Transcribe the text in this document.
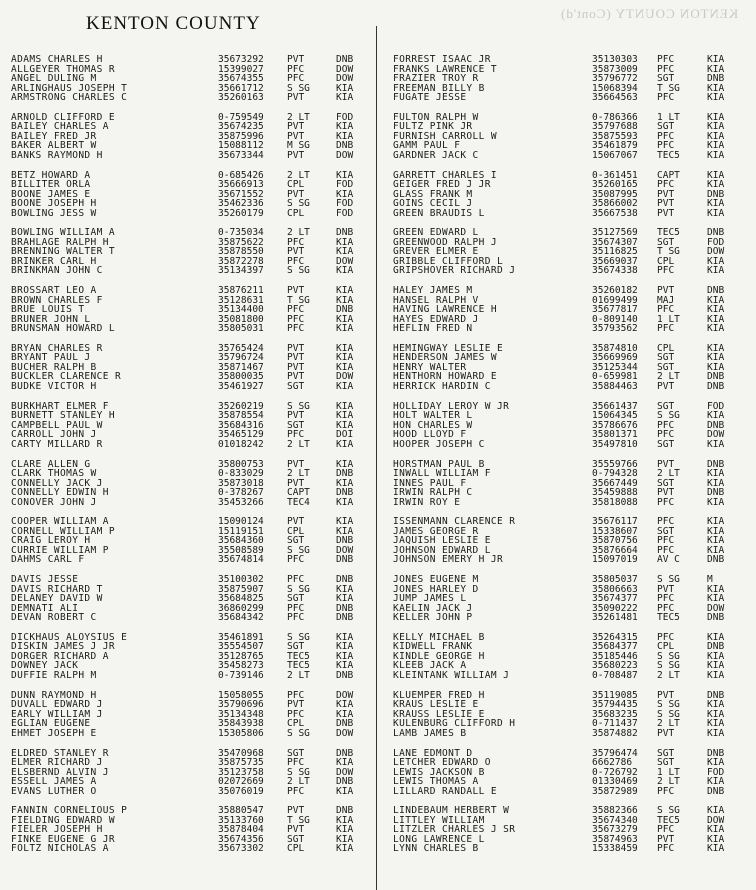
KENTON COUNTY (Cont'd)
KENTON COUNTY
ADAMS CHARLES H	35673292 PVT	DNB
ALLGEYER THOMAS R	15399027 PFC	DOW
ANGEL DULING M	35674355 PFC	DOW
ARLINGHAUS JOSEPH T	35661712 S SG	KIA
ARMSTRONG CHARLES C	35260163 PVT	KIA
ARNOLD CLIFFORD E	0-759549 2 LT	FOD
BAILEY CHARLES A	35674235 PVT	KIA
BAILEY FRED JR	35875996 PVT	KIA
BAKER ALBERT W	15088112 M SG	DNB
BANKS RAYMOND H	35673344 PVT	DOW
BETZ HOWARD A	0-685426 2 LT	KIA
BILLITER ORLA	35666913 CPL	FOD
BOONE JAMES E	35671552 PVT	KIA
BOONE JOSEPH H	35462336 S SG	FOD
BOWLING JESS W	35260179 CPL	FOD
BOWLING WILLIAM A	0-735034 2 LT	DNB
BRAHLAGE RALPH H	35875622 PFC	KIA
BRENNING WALTER T	35878550 PVT	KIA
BRINKER CARL H	35872278 PFC	DOW
BRINKMAN JOHN C	35134397 S SG	KIA
BROSSART LEO A	35876211 PVT	KIA
BROWN CHARLES F	35128631 T SG	KIA
BRUE LOUIS T	35134400 PFC	DNB
BRUNER JOHN L	35081800 PFC	KIA
BRUNSMAN HOWARD L	35805031 PFC	KIA
BRYAN CHARLES R	35765424 PVT	KIA
BRYANT PAUL J	35796724 PVT	KIA
BUCHER RALPH B	35871467 PVT	KIA
BUCKLER CLARENCE R	35800035 PVT	DOW
BUDKE VICTOR H	35461927 SGT	KIA
BURKHART ELMER F	35260219 S SG	KIA
BURNETT STANLEY H	35878554 PVT	KIA
CAMPBELL PAUL W	35684316 SGT	KIA
CARROLL JOHN J	35465129 PFC	DOI
CARTY MILLARD R	01018242 2 LT	KIA
CLARE ALLEN G	35800753 PVT	KIA
CLARK THOMAS W	0-833029 2 LT	DNB
CONNELLY JACK J	35873018 PVT	KIA
CONNELLY EDWIN H	0-378267 CAPT	DNB
CONOVER JOHN J	35453266 TEC4	KIA
COOPER WILLIAM A	15090124 PVT	KIA
CORNELL WILLIAM P	15119151 CPL	KIA
CRAIG LEROY H	35684360 SGT	DNB
CURRIE WILLIAM P	35508589 S SG	DOW
DAHMS CARL F	35674814 PFC	DNB
DAVIS JESSE	35100302 PFC	DNB
DAVIS RICHARD T	35875907 S SG	KIA
DELANEY DAVID W	35684825 SGT	KIA
DEMNATI ALI	36860299 PFC	DNB
DEVAN ROBERT C	35684342 PFC	DNB
DICKHAUS ALOYSIUS E	35461891 S SG	KIA
DISKIN JAMES J JR	35554507 SGT	KIA
DORGER RICHARD A	35128765 TEC5	KIA
DOWNEY JACK	35458273 TEC5	KIA
DUFFIE RALPH M	0-739146 2 LT	DNB
DUNN RAYMOND H	15058055 PFC	DOW
DUVALL EDWARD J	35790696 PVT	KIA
EARLY WILLIAM J	35134348 PFC	KIA
EGLIAN EUGENE	35843938 CPL	DNB
EHMET JOSEPH E	15305806 S SG	DOW
ELDRED STANLEY R	35470968 SGT	DNB
ELMER RICHARD J	35875735 PFC	KIA
ELSBERND ALVIN J	35123758 S SG	DOW
ESSELL JAMES A	02072669 2 LT	DNB
EVANS LUTHER O	35076019 PFC	KIA
FANNIN CORNELIOUS P	35880547 PVT	DNB
FIELDING EDWARD W	35133760 T SG	KIA
FIELER JOSEPH H	35878404 PVT	KIA
FINKE EUGENE G JR	35674356 SGT	KIA
FOLTZ NICHOLAS A	35673302 CPL	KIA
FORREST ISAAC JR	35130303 PFC	KIA
FRANKS LAWRENCE T	35873009 PFC	KIA
FRAZIER TROY R	35796772 SGT	DNB
FREEMAN BILLY B	15068394 T SG	KIA
FUGATE JESSE	35664563 PFC	KIA
FULTON RALPH W	0-786366 1 LT	KIA
FULTZ PINK JR	35797688 SGT	KIA
FURNISH CARROLL W	35875593 PFC	KIA
GAMM PAUL F	35461879 PFC	KIA
GARDNER JACK C	15067067 TEC5	KIA
GARRETT CHARLES I	0-361451 CAPT	KIA
GEIGER FRED J JR	35260165 PFC	KIA
GLASS FRANK M	35087995 PVT	DNB
GOINS CECIL J	35866002 PVT	KIA
GREEN BRAUDIS L	35667538 PVT	KIA
GREEN EDWARD L	35127569 TEC5	DNB
GREENWOOD RALPH J	35674307 SGT	FOD
GREVER ELMER E	35116825 T SG	DOW
GRIBBLE CLIFFORD L	35669037 CPL	KIA
GRIPSHOVER RICHARD J	35674338 PFC	KIA
HALEY JAMES M	35260182 PVT	DNB
HANSEL RALPH V	01699499 MAJ	KIA
HAVING LAWRENCE H	35677817 PFC	KIA
HAYES EDWARD J	0-809140 1 LT	KIA
HEFLIN FRED N	35793562 PFC	KIA
HEMINGWAY LESLIE E	35874810 CPL	KIA
HENDERSON JAMES W	35669969 SGT	KIA
HENRY WALTER	35125344 SGT	KIA
HENTHORN HOWARD E	0-659981 2 LT	DNB
HERRICK HARDIN C	35884463 PVT	DNB
HOLLIDAY LEROY W JR	35661437 SGT	FOD
HOLT WALTER L	15064345 S SG	KIA
HON CHARLES W	35786676 PFC	DNB
HOOD LLOYD F	35801371 PFC	DOW
HOOPER JOSEPH C	35497810 SGT	KIA
HORSTMAN PAUL B	35559766 PVT	DNB
INWALL WILLIAM F	0-794328 2 LT	KIA
INNES PAUL F	35667449 SGT	KIA
IRWIN RALPH C	35459888 PVT	DNB
IRWIN ROY E	35818088 PFC	KIA
ISSENMANN CLARENCE R	35676117 PFC	KIA
JAMES GEORGE R	15338607 SGT	KIA
JAQUISH LESLIE E	35870756 PFC	KIA
JOHNSON EDWARD L	35876664 PFC	KIA
JOHNSON EMERY H JR	15097019 AV C	DNB
JONES EUGENE M	35805037 S SG	M
JONES HARLEY D	35806663 PVT	KIA
JUMP JAMES L	35674377 PFC	KIA
KAELIN JACK J	35090222 PFC	DOW
KELLER JOHN P	35261481 TEC5	DNB
KELLY MICHAEL B	35264315 PFC	KIA
KIDWELL FRANK	35684377 CPL	DNB
KINDLE GEORGE H	35185446 S SG	KIA
KLEEB JACK A	35680223 S SG	KIA
KLEINTANK WILLIAM J	0-708487 2 LT	KIA
KLUEMPER FRED H	35119085 PVT	DNB
KRAUS LESLIE E	35794435 S SG	KIA
KRAUSS LESLIE E	35683235 S SG	KIA
KULENBURG CLIFFORD H	0-711437 2 LT	KIA
LAMB JAMES B	35874882 PVT	KIA
LANE EDMONT D	35796474 SGT	DNB
LETCHER EDWARD O	6662786	SGT	KIA
LEWIS JACKSON B	0-726792 1 LT	FOD
LEWIS THOMAS A	01330469 2 LT	KIA
LILLARD RANDALL E	35872989 PFC	DNB
LINDEBAUM HERBERT W	35882366 S SG	KIA
LITTLEY WILLIAM	35674340 TEC5	DOW
LITZLER CHARLES J SR	35673279 PFC	KIA
LONG LAWRENCE L	35874963 PVT	KIA
LYNN CHARLES B	15338459 PFC	KIA
